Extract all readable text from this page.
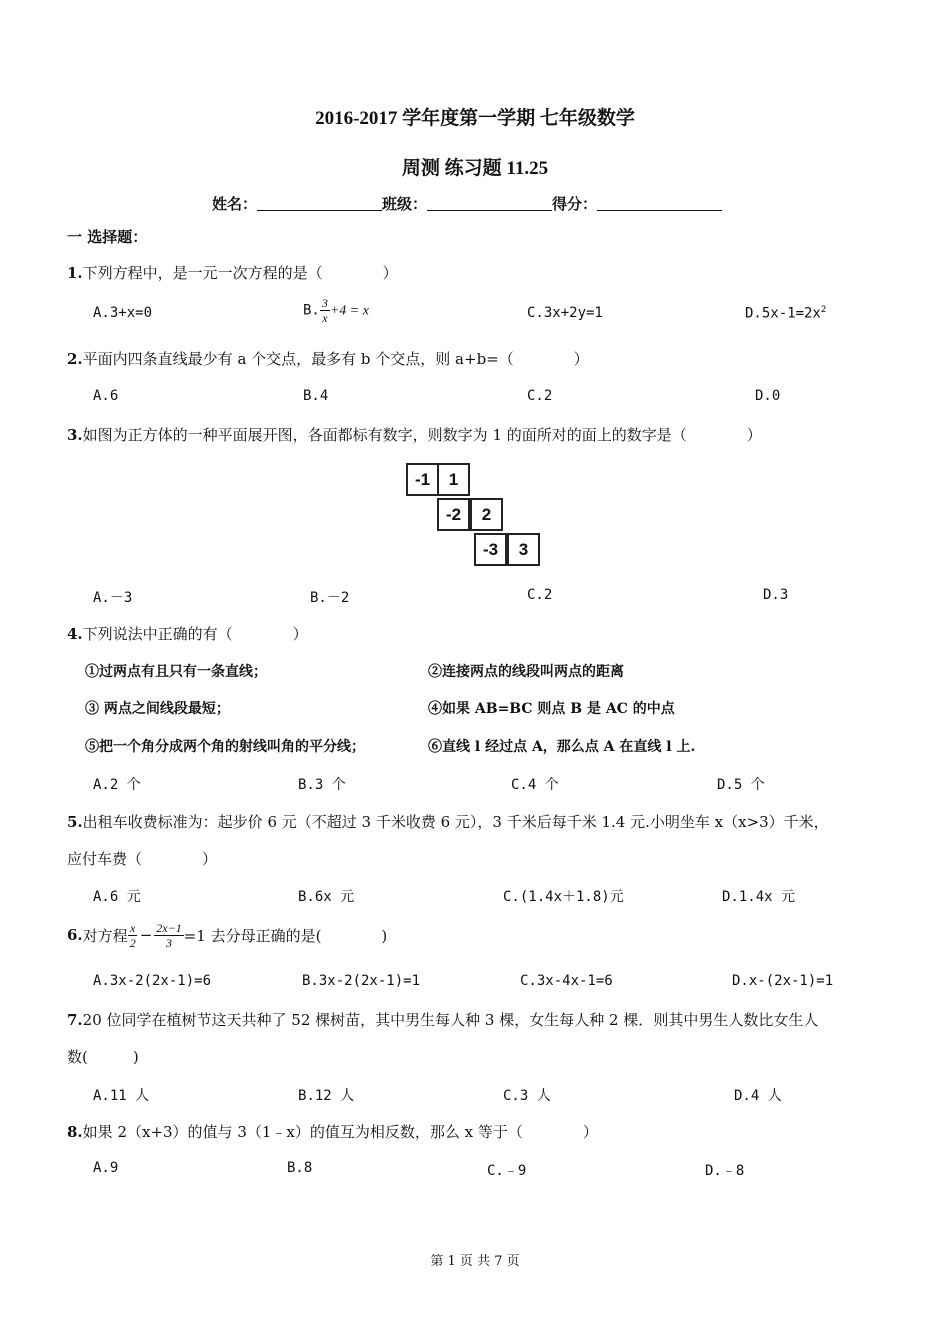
2016-2017 学年度第一学期 七年级数学
周测 练习题 11.25
姓名：	班级：	得分：
一 选择题：
1.下列方程中，是一元一次方程的是（　　　　）
A.3+x=0	B. $\frac{3}{x} +4 = x$	C.3x+2y=1	$D.5x-1=2x^2$
2.平面内四条直线最少有 a 个交点，最多有 b 个交点，则 a+b=（　　　　）
A.6	B.4	C.2	D.0
3.如图为正方体的一种平面展开图，各面都标有数字，则数字为 1 的面所对的面上的数字是（　　　　）
-1	1
-2	2
-3	3
A.－3	B.－2	C.2	D.3
4.下列说法中正确的有（　　　　）
①过两点有且只有一条直线；	②连接两点的线段叫两点的距离
③ 两点之间线段最短；	④如果 AB=BC 则点 B 是 AC 的中点
⑤把一个角分成两个角的射线叫角的平分线；	⑥直线 l 经过点 A，那么点 A 在直线 l 上.
A.2 个	B.3 个	C.4 个	D.5 个
5.出租车收费标准为：起步价 6 元（不超过 3 千米收费 6 元），3 千米后每千米 1.4 元.小明坐车 x（x>3）千米，
应付车费（　　　　）
A.6 元	B.6x 元	C.(1.4x＋1.8)元	D.1.4x 元
6. 对方程 $\frac{x}{2} - \frac{2x-1}{3} =1$ 去分母正确的是(　　　　)
A.3x-2(2x-1)=6	B.3x-2(2x-1)=1	C.3x-4x-1=6	D.x-(2x-1)=1
7.20 位同学在植树节这天共种了 52 棵树苗，其中男生每人种 3 棵，女生每人种 2 棵．则其中男生人数比女生人
数(　　　)
A.11 人	B.12 人	C.3 人	D.4 人
8.如果 2（x+3）的值与 3（1﹣x）的值互为相反数，那么 x 等于（　　　　）
A.9	B.8	C.﹣9	D.﹣8
第 1 页 共 7 页
